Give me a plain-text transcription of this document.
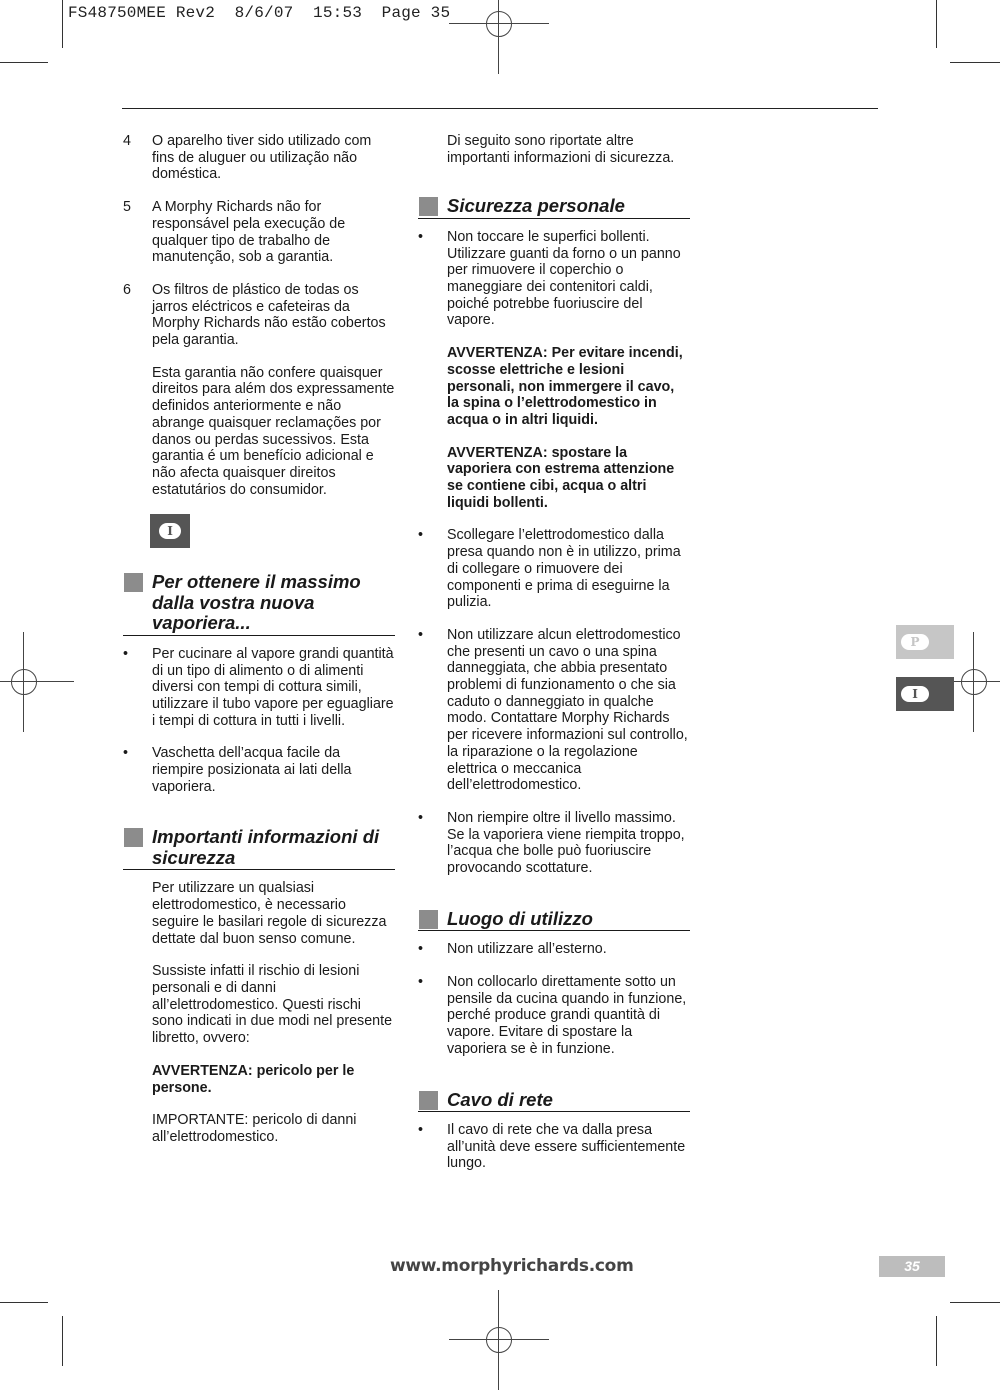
FS48750MEE Rev2  8/6/07  15:53  Page 35
4 O aparelho tiver sido utilizado com fins de aluguer ou utilização não doméstica.
5 A Morphy Richards não for responsável pela execução de qualquer tipo de trabalho de manutenção, sob a garantia.
6 Os filtros de plástico de todas os jarros eléctricos e cafeteiras da Morphy Richards não estão cobertos pela garantia.
Esta garantia não confere quaisquer direitos para além dos expressamente definidos anteriormente e não abrange quaisquer reclamações por danos ou perdas sucessivos. Esta garantia é um benefício adicional e não afecta quaisquer direitos estatutários do consumidor.
I
Per ottenere il massimo dalla vostra nuova vaporiera...
• Per cucinare al vapore grandi quantità di un tipo di alimento o di alimenti diversi con tempi di cottura simili, utilizzare il tubo vapore per eguagliare i tempi di cottura in tutti i livelli.
• Vaschetta dell’acqua facile da riempire posizionata ai lati della vaporiera.
Importanti informazioni di sicurezza
Per utilizzare un qualsiasi elettrodomestico, è necessario seguire le basilari regole di sicurezza dettate dal buon senso comune.
Sussiste infatti il rischio di lesioni personali e di danni all’elettrodomestico. Questi rischi sono indicati in due modi nel presente libretto, ovvero:
AVVERTENZA: pericolo per le persone.
IMPORTANTE: pericolo di danni all’elettrodomestico.
Di seguito sono riportate altre importanti informazioni di sicurezza.
Sicurezza personale
• Non toccare le superfici bollenti. Utilizzare guanti da forno o un panno per rimuovere il coperchio o maneggiare dei contenitori caldi, poiché potrebbe fuoriuscire del vapore.
AVVERTENZA: Per evitare incendi, scosse elettriche e lesioni personali, non immergere il cavo, la spina o l’elettrodomestico in acqua o in altri liquidi.
AVVERTENZA: spostare la vaporiera con estrema attenzione se contiene cibi, acqua o altri liquidi bollenti.
• Scollegare l’elettrodomestico dalla presa quando non è in utilizzo, prima di collegare o rimuovere dei componenti e prima di eseguirne la pulizia.
• Non utilizzare alcun elettrodomestico che presenti un cavo o una spina danneggiata, che abbia presentato problemi di funzionamento o che sia caduto o danneggiato in qualche modo. Contattare Morphy Richards per ricevere informazioni sul controllo, la riparazione o la regolazione elettrica o meccanica dell’elettrodomestico.
• Non riempire oltre il livello massimo. Se la vaporiera viene riempita troppo, l’acqua che bolle può fuoriuscire provocando scottature.
Luogo di utilizzo
• Non utilizzare all’esterno.
• Non collocarlo direttamente sotto un pensile da cucina quando in funzione, perché produce grandi quantità di vapore. Evitare di spostare la vaporiera se è in funzione.
Cavo di rete
• Il cavo di rete che va dalla presa all’unità deve essere sufficientemente lungo.
P
I
www.morphyrichards.com	35
